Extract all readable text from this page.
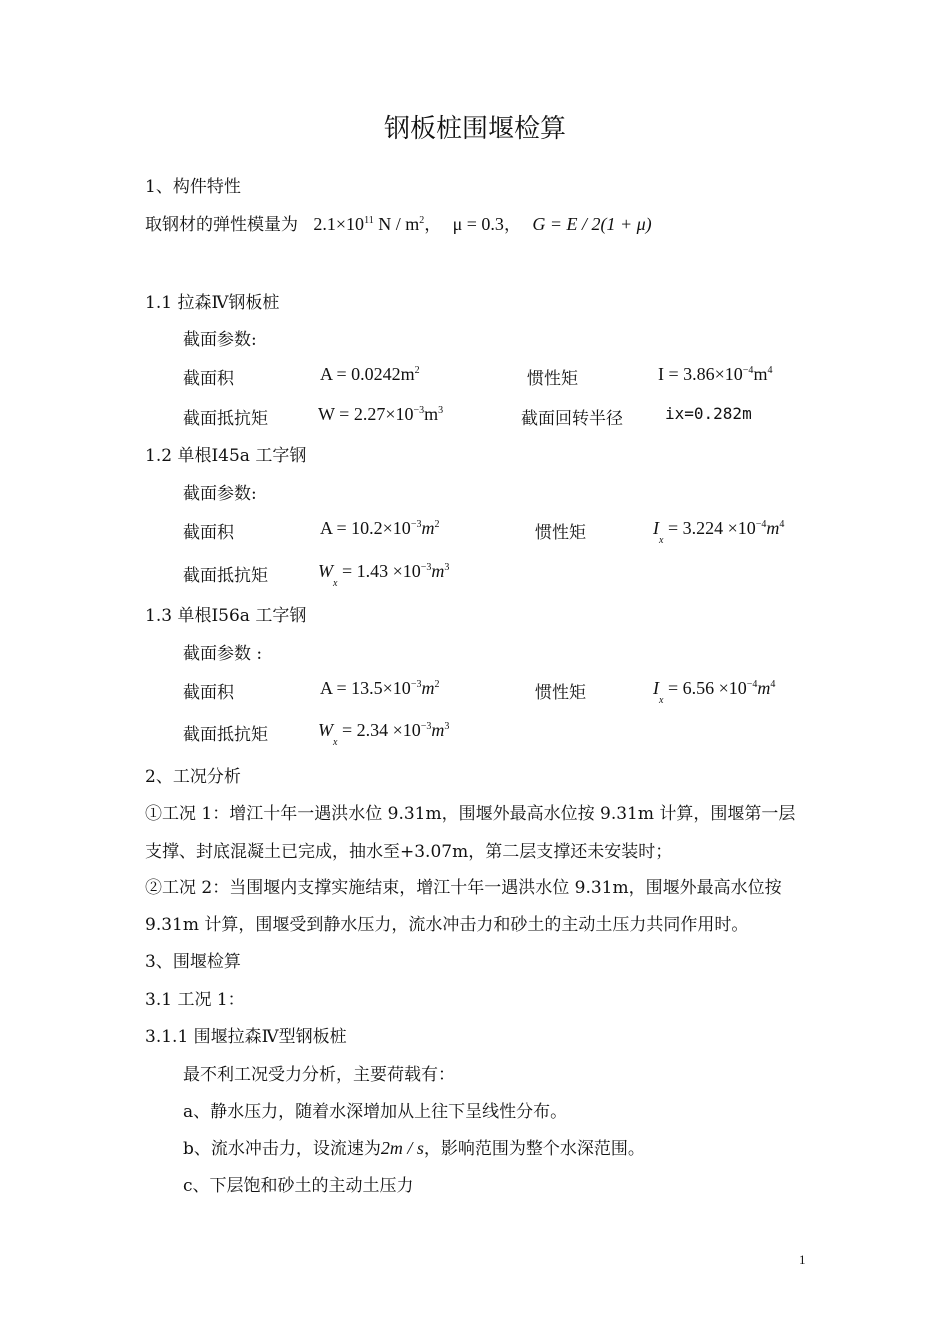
钢板桩围堰检算
1、构件特性
取钢材的弹性模量为 $2.1\times 10^{11}$ N / $m^2$， μ = 0.3， G = E / 2(1 + μ)
1.1 拉森Ⅳ钢板桩
截面参数:
截面积	$A = 0.0242m^2$	惯性矩	$I = 3.86\times 10^{-4}m^4$
截面抵抗矩	$W = 2.27\times 10^{-3}m^3$	截面回转半径	ix=0.282m
1.2 单根Ⅰ45a 工字钢
截面参数:
截面积	$A = 10.2\times 10^{-3}m^2$	惯性矩	$I_x = 3.224 \times 10^{-4}m^4$
截面抵抗矩	$W_x = 1.43 \times 10^{-3}m^3$
1.3 单根Ⅰ56a 工字钢
截面参数 :
截面积	$A = 13.5\times 10^{-3}m^2$	惯性矩	$I_x = 6.56 \times 10^{-4}m^4$
截面抵抗矩	$W_x = 2.34 \times 10^{-3}m^3$
2、工况分析
①工况 1：增江十年一遇洪水位 9.31m，围堰外最高水位按 9.31m 计算，围堰第一层
支撑、封底混凝土已完成，抽水至+3.07m，第二层支撑还未安装时；
②工况 2：当围堰内支撑实施结束，增江十年一遇洪水位 9.31m，围堰外最高水位按
9.31m 计算，围堰受到静水压力，流水冲击力和砂土的主动土压力共同作用时。
3、围堰检算
3.1 工况 1：
3.1.1 围堰拉森Ⅳ型钢板桩
最不利工况受力分析，主要荷载有：
a、静水压力，随着水深增加从上往下呈线性分布。
b、流水冲击力，设流速为2m / s，影响范围为整个水深范围。
c、下层饱和砂土的主动土压力
1
